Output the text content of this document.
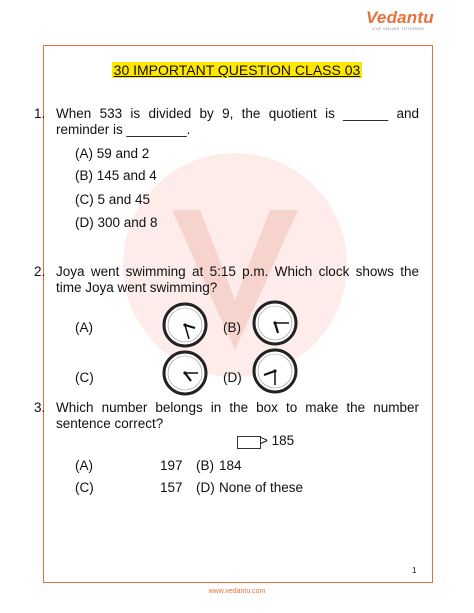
Vedantu
LIVE ONLINE TUTORING
30 IMPORTANT QUESTION CLASS 03
1. When 533 is divided by 9, the quotient is ______ and reminder is ________.
(A) 59 and 2
(B) 145 and 4
(C) 5 and 45
(D) 300 and 8
2. Joya went swimming at 5:15 p.m. Which clock shows the time Joya went swimming?
(A)	(B)
(C)	(D)
3. Which number belongs in the box to make the number sentence correct?
> 185
(A)	197 (B) 184
(C)	157 (D) None of these
1
www.vedantu.com
